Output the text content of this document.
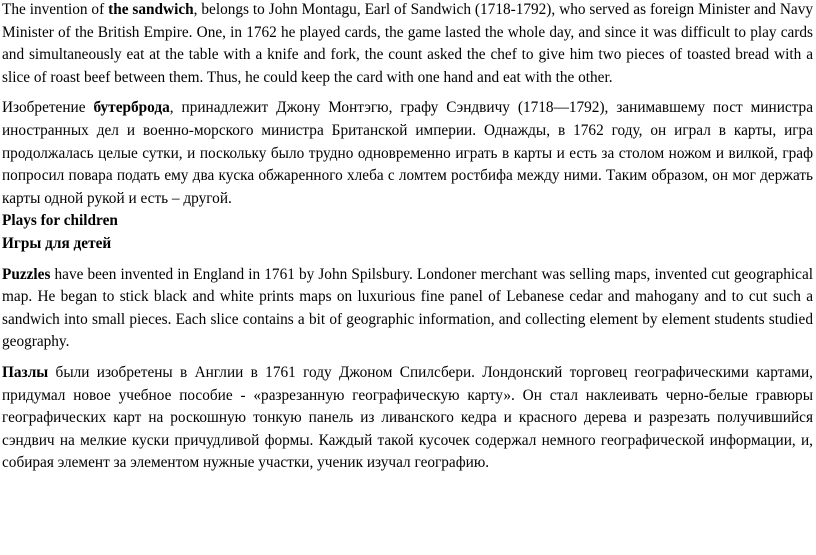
The invention of the sandwich, belongs to John Montagu, Earl of Sandwich (1718-1792), who served as foreign Minister and Navy Minister of the British Empire. One, in 1762 he played cards, the game lasted the whole day, and since it was difficult to play cards and simultaneously eat at the table with a knife and fork, the count asked the chef to give him two pieces of toasted bread with a slice of roast beef between them. Thus, he could keep the card with one hand and eat with the other.

Изобретение бутерброда, принадлежит Джону Монтэгю, графу Сэндвичу (1718—1792), занимавшему пост министра иностранных дел и военно-морского министра Британской империи. Однажды, в 1762 году, он играл в карты, игра продолжалась целые сутки, и поскольку было трудно одновременно играть в карты и есть за столом ножом и вилкой, граф попросил повара подать ему два куска обжаренного хлеба с ломтем ростбифа между ними. Таким образом, он мог держать карты одной рукой и есть – другой.

Plays for children

Игры для детей

Puzzles have been invented in England in 1761 by John Spilsbury. Londoner merchant was selling maps, invented cut geographical map. He began to stick black and white prints maps on luxurious fine panel of Lebanese cedar and mahogany and to cut such a sandwich into small pieces. Each slice contains a bit of geographic information, and collecting element by element students studied geography.

Пазлы были изобретены в Англии в 1761 году Джоном Спилсбери. Лондонский торговец географическими картами, придумал новое учебное пособие - «разрезанную географическую карту». Он стал наклеивать черно-белые гравюры географических карт на роскошную тонкую панель из ливанского кедра и красного дерева и разрезать получившийся сэндвич на мелкие куски причудливой формы. Каждый такой кусочек содержал немного географической информации, и, собирая элемент за элементом нужные участки, ученик изучал географию.
